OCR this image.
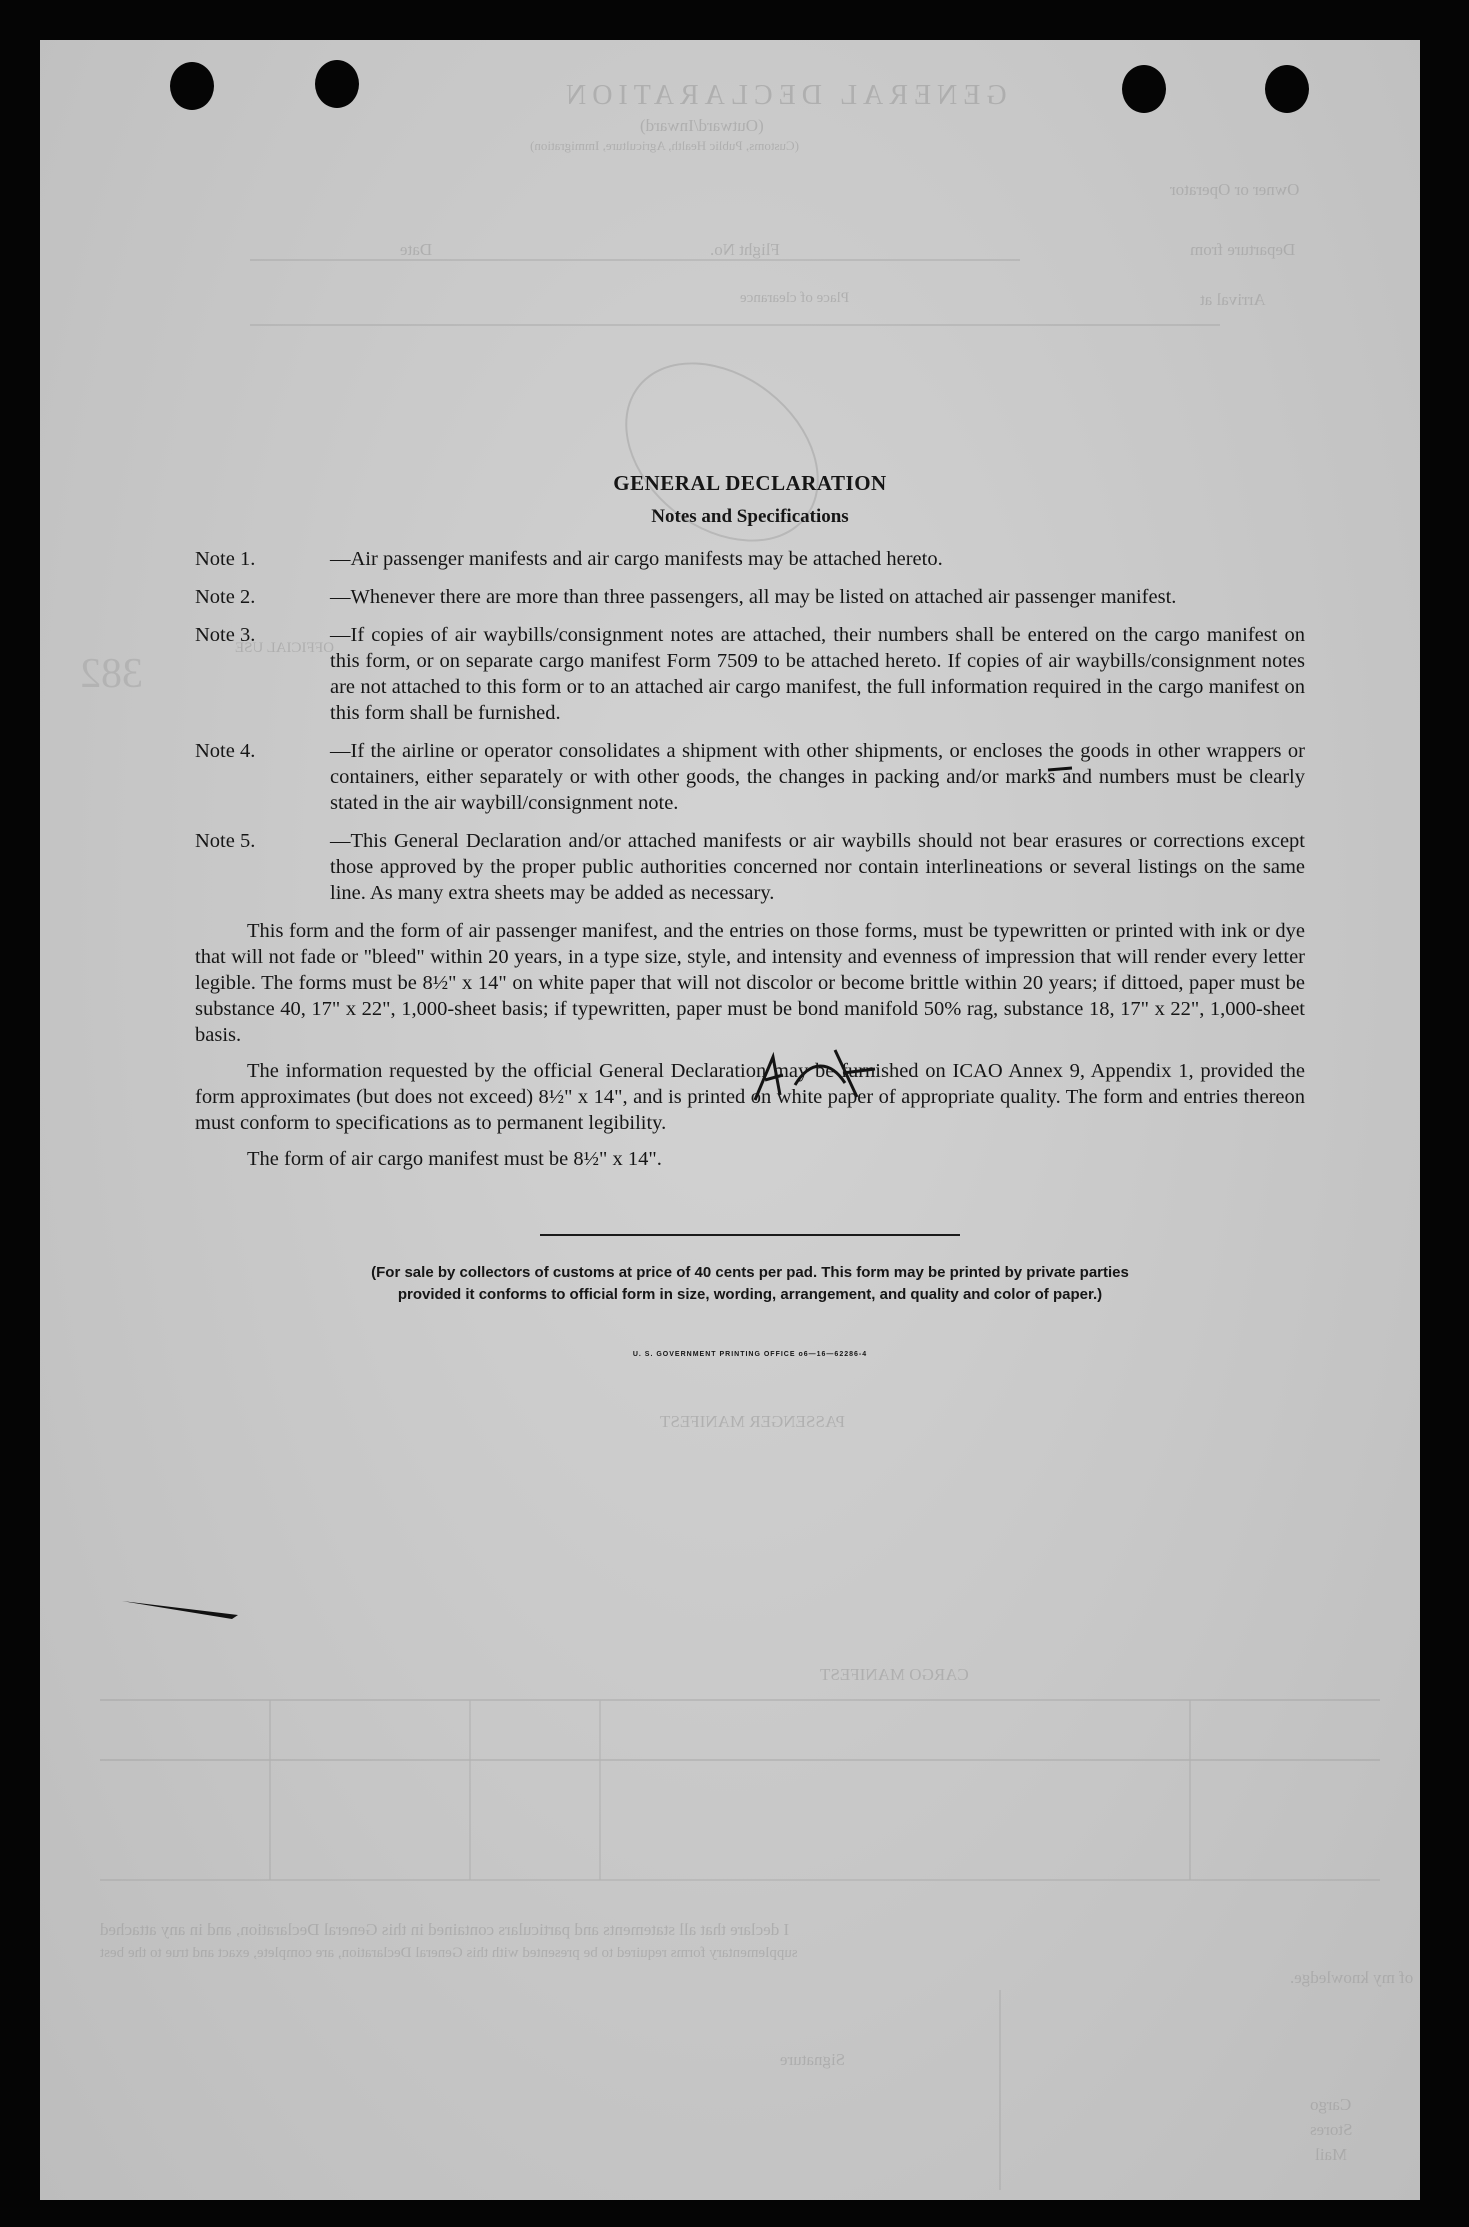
GENERAL DECLARATION
(Outward/Inward)
(Customs, Public Health, Agriculture, Immigration)
Owner or Operator
Flight No.
Date	Departure from
Arrival at
Place of clearance
OFFICIAL USE
382
PASSENGER MANIFEST
CARGO MANIFEST
I declare that all statements and particulars contained in this General Declaration, and in any attached
supplementary forms required to be presented with this General Declaration, are complete, exact and true to the best
of my knowledge.
Signature
Cargo
Stores
Mail
GENERAL DECLARATION
Notes and Specifications
Note 1.	—Air passenger manifests and air cargo manifests may be attached hereto.
Note 2.	—Whenever there are more than three passengers, all may be listed on attached air passenger manifest.
Note 3.	—If copies of air waybills/consignment notes are attached, their numbers shall be entered on the cargo manifest on this form, or on separate cargo manifest Form 7509 to be attached hereto. If copies of air waybills/consignment notes are not attached to this form or to an attached air cargo manifest, the full information required in the cargo manifest on this form shall be furnished.
Note 4.	—If the airline or operator consolidates a shipment with other shipments, or encloses the goods in other wrappers or containers, either separately or with other goods, the changes in packing and/or marks and numbers must be clearly stated in the air waybill/consignment note.
Note 5.	—This General Declaration and/or attached manifests or air waybills should not bear erasures or corrections except those approved by the proper public authorities concerned nor contain interlineations or several listings on the same line. As many extra sheets may be added as necessary.

This form and the form of air passenger manifest, and the entries on those forms, must be typewritten or printed with ink or dye that will not fade or "bleed" within 20 years, in a type size, style, and intensity and evenness of impression that will render every letter legible. The forms must be 8½" x 14" on white paper that will not discolor or become brittle within 20 years; if dittoed, paper must be substance 40, 17" x 22", 1,000-sheet basis; if typewritten, paper must be bond manifold 50% rag, substance 18, 17" x 22", 1,000-sheet basis.

The information requested by the official General Declaration may be furnished on ICAO Annex 9, Appendix 1, provided the form approximates (but does not exceed) 8½" x 14", and is printed on white paper of appropriate quality. The form and entries thereon must conform to specifications as to permanent legibility.

The form of air cargo manifest must be 8½" x 14".

(For sale by collectors of customs at price of 40 cents per pad. This form may be printed by private parties
provided it conforms to official form in size, wording, arrangement, and quality and color of paper.)
U. S. GOVERNMENT PRINTING OFFICE o6—16—62286-4
